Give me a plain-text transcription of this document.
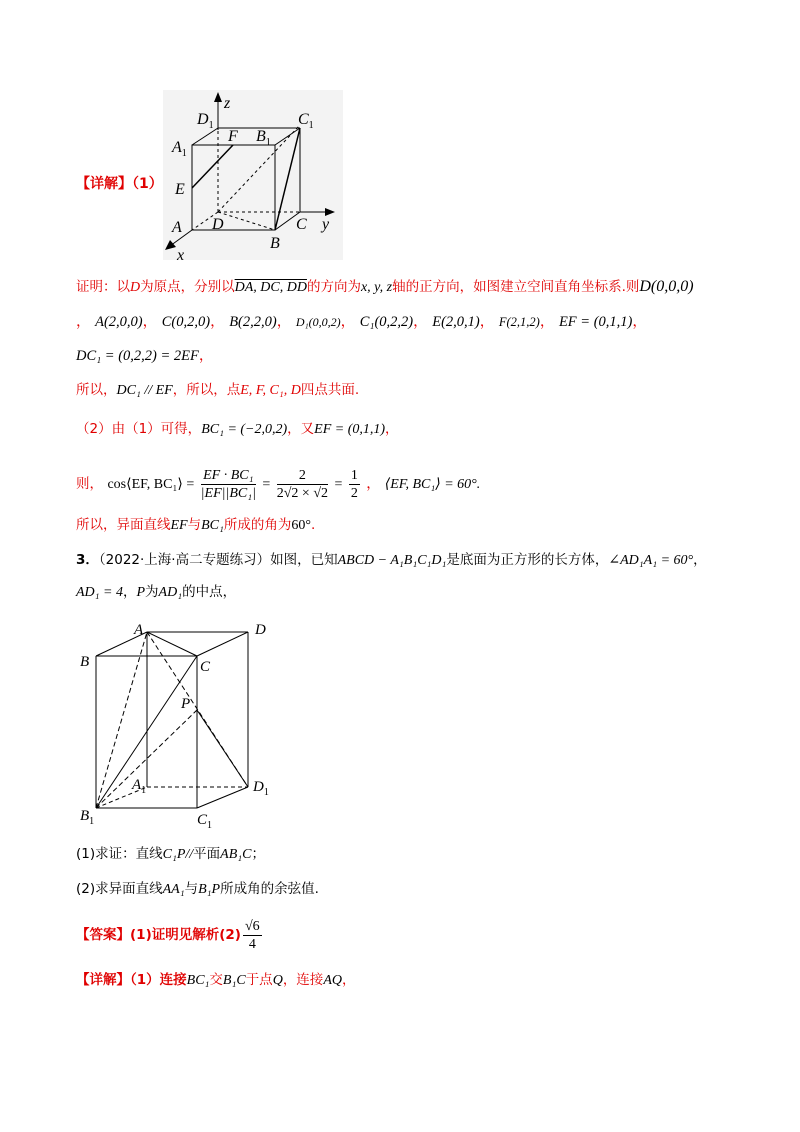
$D_1$
z
$C_1$
$A_1$
F $B_1$
E
A D	C y
B
x
【详解】（1）
证明：以D为原点，分别以DA, DC, DD的方向为x, y, z轴的正方向，如图建立空间直角坐标系.则D(0,0,0)
， A(2,0,0)， C(0,2,0)， B(2,2,0)， D₁(0,0,2)， C₁(0,2,2)， E(2,0,1)， F(2,1,2)， EF = (0,1,1)，
DC₁ = (0,2,2) = 2EF，
所以，DC₁ // EF，所以，点E, F, C₁, D四点共面.
（2）由（1）可得，BC₁ = (−2,0,2)，又EF = (0,1,1)，
则， cos⟨EF, BC₁⟩ = $\frac{\text{EF · BC₁}}{\text{|EF||BC₁|}} = \frac{2}{2√2 \times √2} = \frac{1}{2}$ ， ⟨EF, BC₁⟩ = 60°.
所以，异面直线EF与BC₁所成的角为60°.
3．（2022·上海·高二专题练习）如图，已知ABCD − A₁B₁C₁D₁是底面为正方形的长方体，∠AD₁A₁ = 60°，
AD₁ = 4，P为AD₁的中点，
A	D
B	C
P
$A_1$	$D_1$
$B_1$	$C_1$
(1)求证：直线C₁P//平面AB₁C；
(2)求异面直线AA₁与B₁P所成角的余弦值.
【答案】(1)证明见解析$(2) \frac{√6}{4}$
【详解】（1）连接BC₁交B₁C于点Q，连接AQ，
